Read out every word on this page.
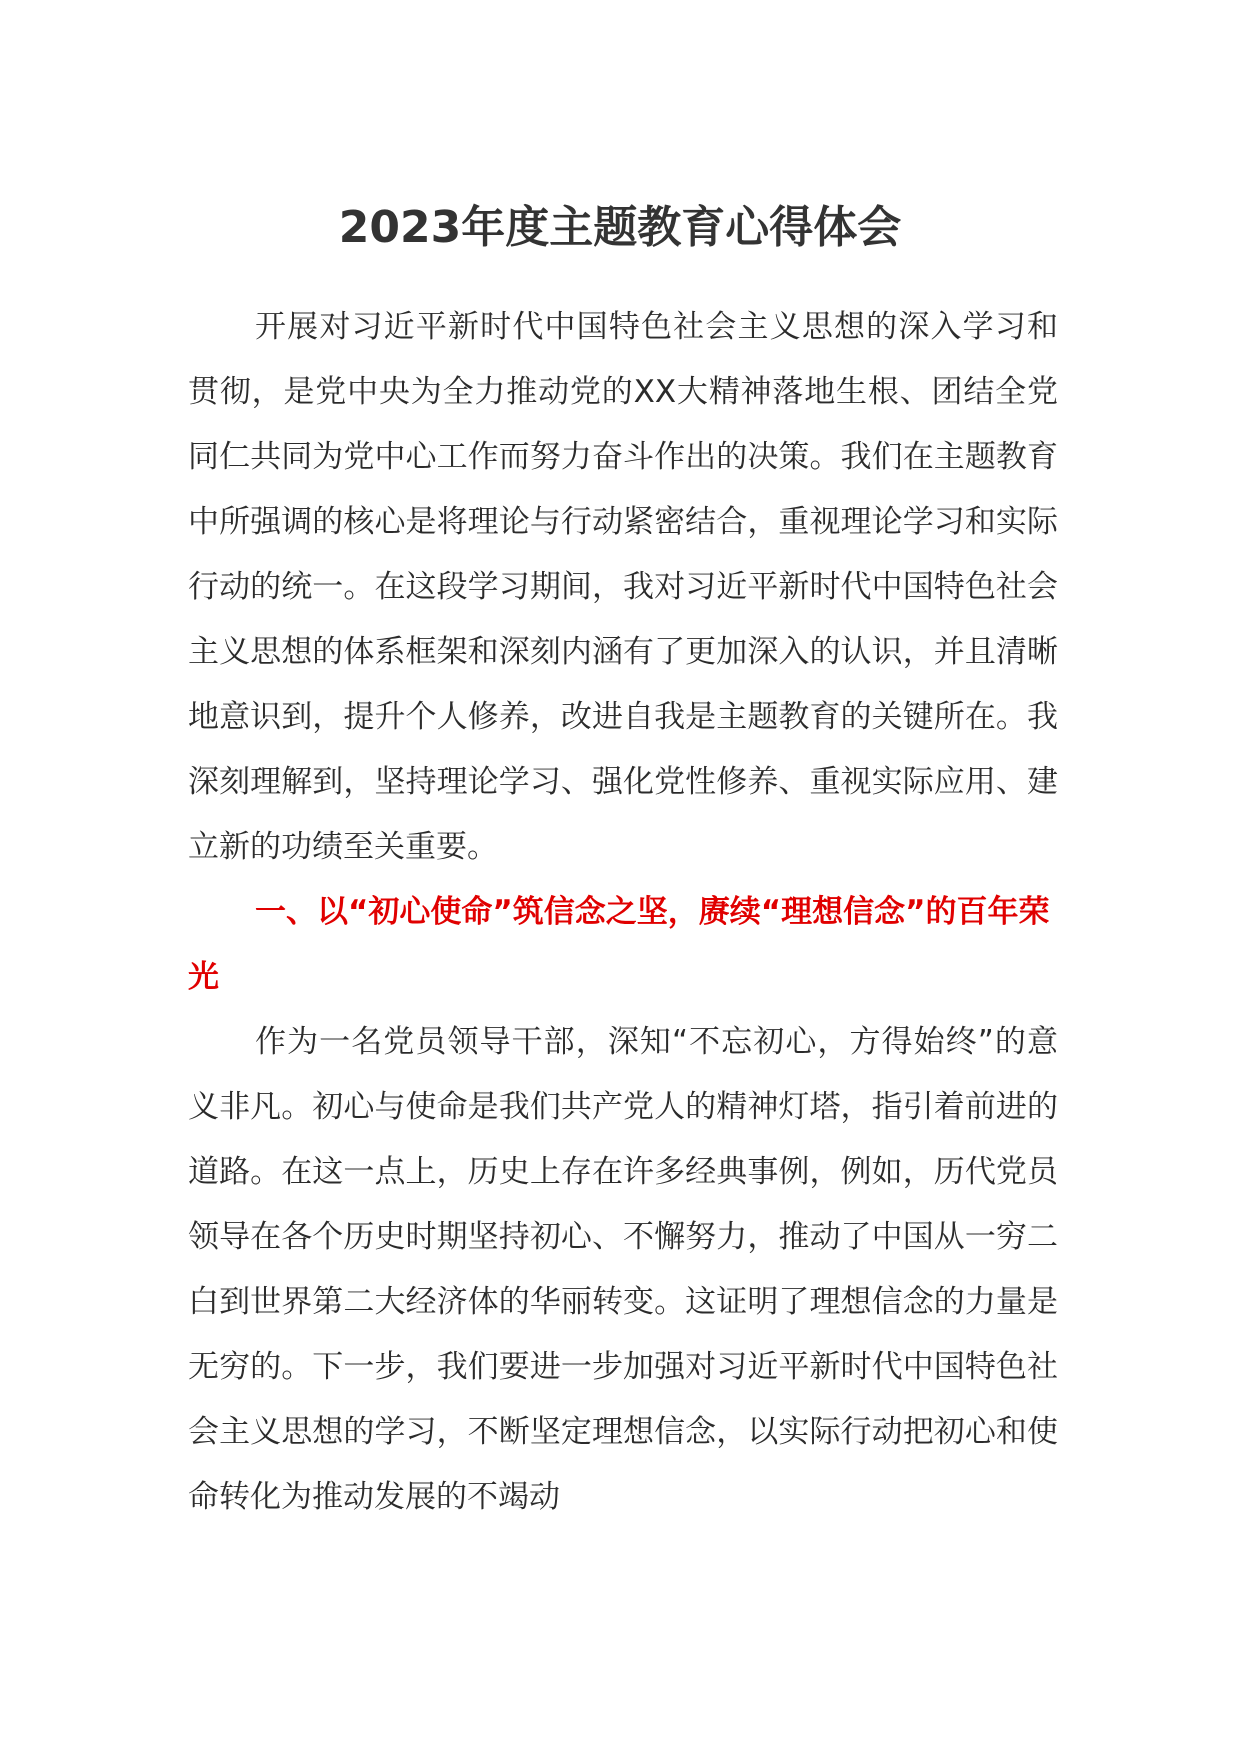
2023年度主题教育心得体会

开展对习近平新时代中国特色社会主义思想的深入学习和贯彻，是党中央为全力推动党的XX大精神落地生根、团结全党同仁共同为党中心工作而努力奋斗作出的决策。我们在主题教育中所强调的核心是将理论与行动紧密结合，重视理论学习和实际行动的统一。在这段学习期间，我对习近平新时代中国特色社会主义思想的体系框架和深刻内涵有了更加深入的认识，并且清晰地意识到，提升个人修养，改进自我是主题教育的关键所在。我深刻理解到，坚持理论学习、强化党性修养、重视实际应用、建立新的功绩至关重要。

一、以“初心使命”筑信念之坚，赓续“理想信念”的百年荣光

作为一名党员领导干部，深知“不忘初心，方得始终”的意义非凡。初心与使命是我们共产党人的精神灯塔，指引着前进的道路。在这一点上，历史上存在许多经典事例，例如，历代党员领导在各个历史时期坚持初心、不懈努力，推动了中国从一穷二白到世界第二大经济体的华丽转变。这证明了理想信念的力量是无穷的。下一步，我们要进一步加强对习近平新时代中国特色社会主义思想的学习，不断坚定理想信念，以实际行动把初心和使命转化为推动发展的不竭动
